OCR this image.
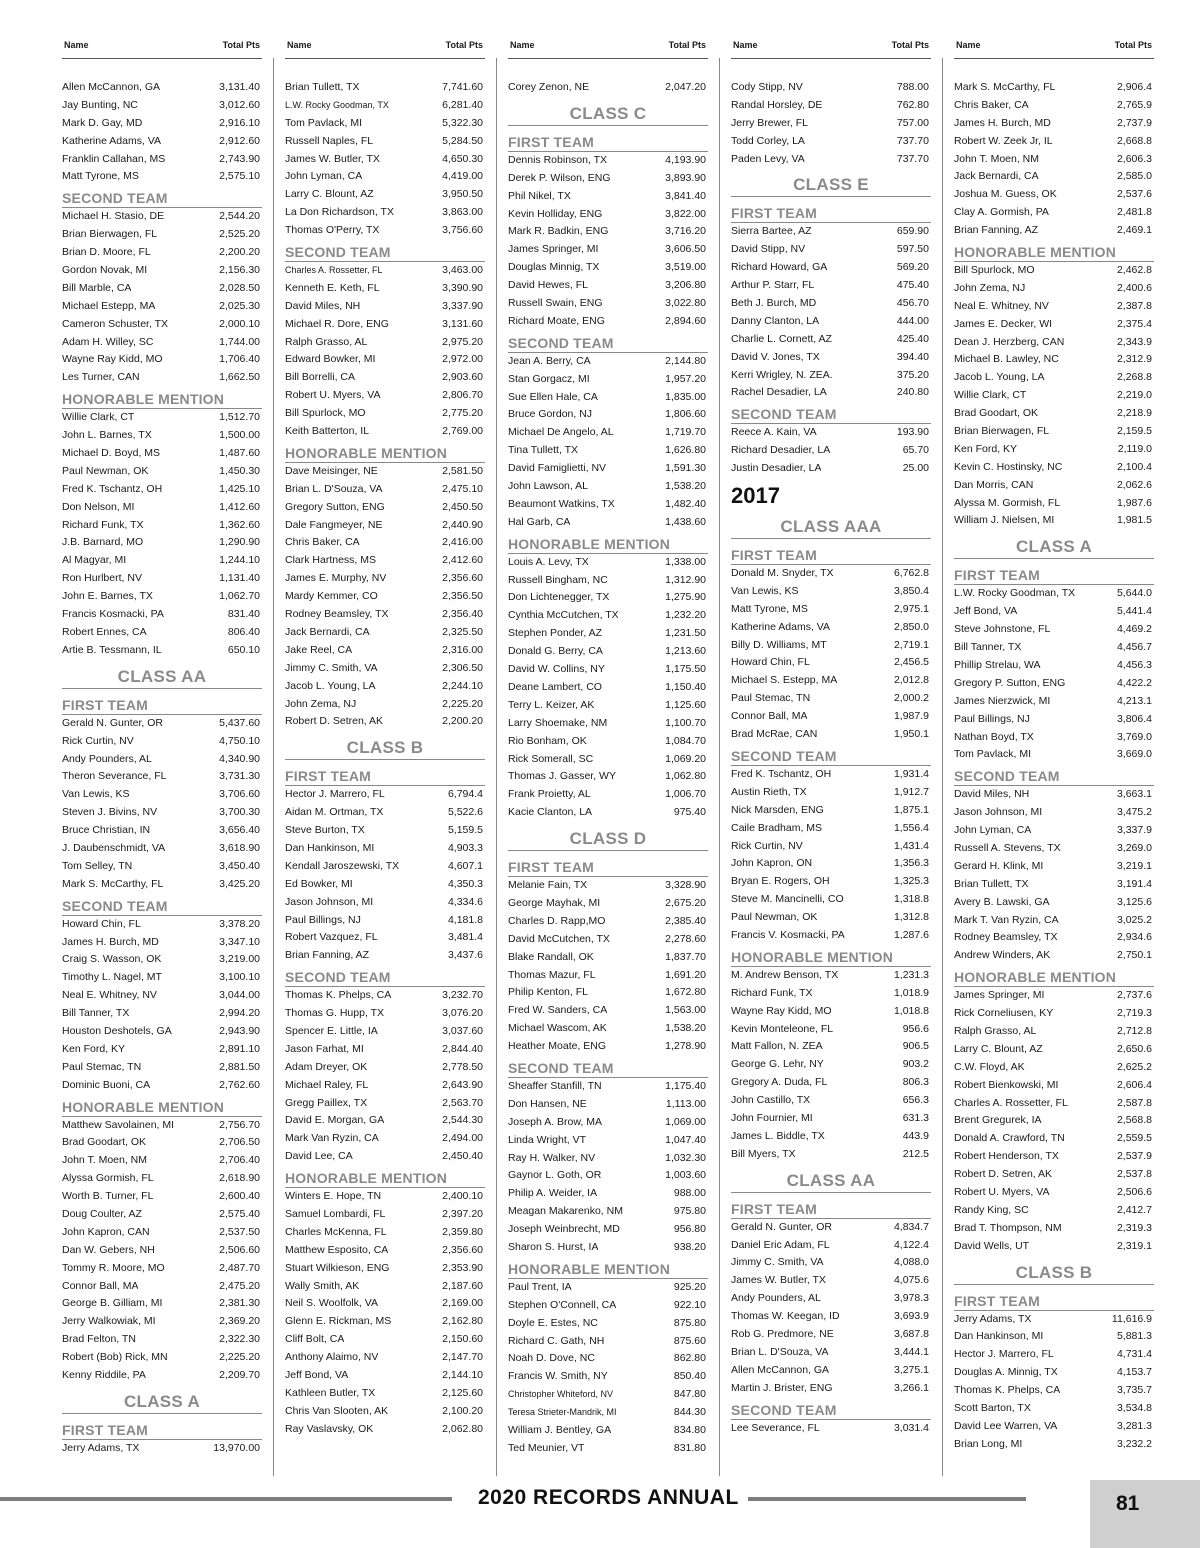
Name	Total Pts
Allen McCannon, GA	3,131.40
Jay Bunting, NC	3,012.60
Mark D. Gay, MD	2,916.10
Katherine Adams, VA	2,912.60
Franklin Callahan, MS	2,743.90
Matt Tyrone, MS	2,575.10
SECOND TEAM
Michael H. Stasio, DE	2,544.20
Brian Bierwagen, FL	2,525.20
Brian D. Moore, FL	2,200.20
Gordon Novak, MI	2,156.30
Bill Marble, CA	2,028.50
Michael Estepp, MA	2,025.30
Cameron Schuster, TX	2,000.10
Adam H. Willey, SC	1,744.00
Wayne Ray Kidd, MO	1,706.40
Les Turner, CAN	1,662.50
HONORABLE MENTION
Willie Clark, CT	1,512.70
John L. Barnes, TX	1,500.00
Michael D. Boyd, MS	1,487.60
Paul Newman, OK	1,450.30
Fred K. Tschantz, OH	1,425.10
Don Nelson, MI	1,412.60
Richard Funk, TX	1,362.60
J.B. Barnard, MO	1,290.90
Al Magyar, MI	1,244.10
Ron Hurlbert, NV	1,131.40
John E. Barnes, TX	1,062.70
Francis Kosmacki, PA	831.40
Robert Ennes, CA	806.40
Artie B. Tessmann, IL	650.10
CLASS AA
FIRST TEAM
Gerald N. Gunter, OR	5,437.60
Rick Curtin, NV	4,750.10
Andy Pounders, AL	4,340.90
Theron Severance, FL	3,731.30
Van Lewis, KS	3,706.60
Steven J. Bivins, NV	3,700.30
Bruce Christian, IN	3,656.40
J. Daubenschmidt, VA	3,618.90
Tom Selley, TN	3,450.40
Mark S. McCarthy, FL	3,425.20
SECOND TEAM
Howard Chin, FL	3,378.20
James H. Burch, MD	3,347.10
Craig S. Wasson, OK	3,219.00
Timothy L. Nagel, MT	3,100.10
Neal E. Whitney, NV	3,044.00
Bill Tanner, TX	2,994.20
Houston Deshotels, GA	2,943.90
Ken Ford, KY	2,891.10
Paul Stemac, TN	2,881.50
Dominic Buoni, CA	2,762.60
HONORABLE MENTION
Matthew Savolainen, MI	2,756.70
Brad Goodart, OK	2,706.50
John T. Moen, NM	2,706.40
Alyssa Gormish, FL	2,618.90
Worth B. Turner, FL	2,600.40
Doug Coulter, AZ	2,575.40
John Kapron, CAN	2,537.50
Dan W. Gebers, NH	2,506.60
Tommy R. Moore, MO	2,487.70
Connor Ball, MA	2,475.20
George B. Gilliam, MI	2,381.30
Jerry Walkowiak, MI	2,369.20
Brad Felton, TN	2,322.30
Robert (Bob) Rick, MN	2,225.20
Kenny Riddile, PA	2,209.70
CLASS A
FIRST TEAM
Jerry Adams, TX	13,970.00
Name	Total Pts
Brian Tullett, TX	7,741.60
L.W. Rocky Goodman, TX	6,281.40
Tom Pavlack, MI	5,322.30
Russell Naples, FL	5,284.50
James W. Butler, TX	4,650.30
John Lyman, CA	4,419.00
Larry C. Blount, AZ	3,950.50
La Don Richardson, TX	3,863.00
Thomas O'Perry, TX	3,756.60
SECOND TEAM
Charles A. Rossetter, FL	3,463.00
Kenneth E. Keth, FL	3,390.90
David Miles, NH	3,337.90
Michael R. Dore, ENG	3,131.60
Ralph Grasso, AL	2,975.20
Edward Bowker, MI	2,972.00
Bill Borrelli, CA	2,903.60
Robert U. Myers, VA	2,806.70
Bill Spurlock, MO	2,775.20
Keith Batterton, IL	2,769.00
HONORABLE MENTION
Dave Meisinger, NE	2,581.50
Brian L. D'Souza, VA	2,475.10
Gregory Sutton, ENG	2,450.50
Dale Fangmeyer, NE	2,440.90
Chris Baker, CA	2,416.00
Clark Hartness, MS	2,412.60
James E. Murphy, NV	2,356.60
Mardy Kemmer, CO	2,356.50
Rodney Beamsley, TX	2,356.40
Jack Bernardi, CA	2,325.50
Jake Reel, CA	2,316.00
Jimmy C. Smith, VA	2,306.50
Jacob L. Young, LA	2,244.10
John Zema, NJ	2,225.20
Robert D. Setren, AK	2,200.20
CLASS B
FIRST TEAM
Hector J. Marrero, FL	6,794.4
Aidan M. Ortman, TX	5,522.6
Steve Burton, TX	5,159.5
Dan Hankinson, MI	4,903.3
Kendall Jaroszewski, TX	4,607.1
Ed Bowker, MI	4,350.3
Jason Johnson, MI	4,334.6
Paul Billings, NJ	4,181.8
Robert Vazquez, FL	3,481.4
Brian Fanning, AZ	3,437.6
SECOND TEAM
Thomas K. Phelps, CA	3,232.70
Thomas G. Hupp, TX	3,076.20
Spencer E. Little, IA	3,037.60
Jason Farhat, MI	2,844.40
Adam Dreyer, OK	2,778.50
Michael Raley, FL	2,643.90
Gregg Paillex, TX	2,563.70
David E. Morgan, GA	2,544.30
Mark Van Ryzin, CA	2,494.00
David Lee, CA	2,450.40
HONORABLE MENTION
Winters E. Hope, TN	2,400.10
Samuel Lombardi, FL	2,397.20
Charles McKenna, FL	2,359.80
Matthew Esposito, CA	2,356.60
Stuart Wilkieson, ENG	2,353.90
Wally Smith, AK	2,187.60
Neil S. Woolfolk, VA	2,169.00
Glenn E. Rickman, MS	2,162.80
Cliff Bolt, CA	2,150.60
Anthony Alaimo, NV	2,147.70
Jeff Bond, VA	2,144.10
Kathleen Butler, TX	2,125.60
Chris Van Slooten, AK	2,100.20
Ray Vaslavsky, OK	2,062.80
Name	Total Pts
Corey Zenon, NE	2,047.20
CLASS C
FIRST TEAM
Dennis Robinson, TX	4,193.90
Derek P. Wilson, ENG	3,893.90
Phil Nikel, TX	3,841.40
Kevin Holliday, ENG	3,822.00
Mark R. Badkin, ENG	3,716.20
James Springer, MI	3,606.50
Douglas Minnig, TX	3,519.00
David Hewes, FL	3,206.80
Russell Swain, ENG	3,022.80
Richard Moate, ENG	2,894.60
SECOND TEAM
Jean A. Berry, CA	2,144.80
Stan Gorgacz, MI	1,957.20
Sue Ellen Hale, CA	1,835.00
Bruce Gordon, NJ	1,806.60
Michael De Angelo, AL	1,719.70
Tina Tullett, TX	1,626.80
David Famiglietti, NV	1,591.30
John Lawson, AL	1,538.20
Beaumont Watkins, TX	1,482.40
Hal Garb, CA	1,438.60
HONORABLE MENTION
Louis A. Levy, TX	1,338.00
Russell Bingham, NC	1,312.90
Don Lichtenegger, TX	1,275.90
Cynthia McCutchen, TX	1,232.20
Stephen Ponder, AZ	1,231.50
Donald G. Berry, CA	1,213.60
David W. Collins, NY	1,175.50
Deane Lambert, CO	1,150.40
Terry L. Keizer, AK	1,125.60
Larry Shoemake, NM	1,100.70
Rio Bonham, OK	1,084.70
Rick Somerall, SC	1,069.20
Thomas J. Gasser, WY	1,062.80
Frank Proietty, AL	1,006.70
Kacie Clanton, LA	975.40
CLASS D
FIRST TEAM
Melanie Fain, TX	3,328.90
George Mayhak, MI	2,675.20
Charles D. Rapp,MO	2,385.40
David McCutchen, TX	2,278.60
Blake Randall, OK	1,837.70
Thomas Mazur, FL	1,691.20
Philip Kenton, FL	1,672.80
Fred W. Sanders, CA	1,563.00
Michael Wascom, AK	1,538.20
Heather Moate, ENG	1,278.90
SECOND TEAM
Sheaffer Stanfill, TN	1,175.40
Don Hansen, NE	1,113.00
Joseph A. Brow, MA	1,069.00
Linda Wright, VT	1,047.40
Ray H. Walker, NV	1,032.30
Gaynor L. Goth, OR	1,003.60
Philip A. Weider, IA	988.00
Meagan Makarenko, NM	975.80
Joseph Weinbrecht, MD	956.80
Sharon S. Hurst, IA	938.20
HONORABLE MENTION
Paul Trent, IA	925.20
Stephen O'Connell, CA	922.10
Doyle E. Estes, NC	875.80
Richard C. Gath, NH	875.60
Noah D. Dove, NC	862.80
Francis W. Smith, NY	850.40
Christopher Whiteford, NV	847.80
Teresa Strieter-Mandrik, MI	844.30
William J. Bentley, GA	834.80
Ted Meunier, VT	831.80
Name	Total Pts
Cody Stipp, NV	788.00
Randal Horsley, DE	762.80
Jerry Brewer, FL	757.00
Todd Corley, LA	737.70
Paden Levy, VA	737.70
CLASS E
FIRST TEAM
Sierra Bartee, AZ	659.90
David Stipp, NV	597.50
Richard Howard, GA	569.20
Arthur P. Starr, FL	475.40
Beth J. Burch, MD	456.70
Danny Clanton, LA	444.00
Charlie L. Cornett, AZ	425.40
David V. Jones, TX	394.40
Kerri Wrigley, N. ZEA.	375.20
Rachel Desadier, LA	240.80
SECOND TEAM
Reece A. Kain, VA	193.90
Richard Desadier, LA	65.70
Justin Desadier, LA	25.00
2017
CLASS AAA
FIRST TEAM
Donald M. Snyder, TX	6,762.8
Van Lewis, KS	3,850.4
Matt Tyrone, MS	2,975.1
Katherine Adams, VA	2,850.0
Billy D. Williams, MT	2,719.1
Howard Chin, FL	2,456.5
Michael S. Estepp, MA	2,012.8
Paul Stemac, TN	2,000.2
Connor Ball, MA	1,987.9
Brad McRae, CAN	1,950.1
SECOND TEAM
Fred K. Tschantz, OH	1,931.4
Austin Rieth, TX	1,912.7
Nick Marsden, ENG	1,875.1
Caile Bradham, MS	1,556.4
Rick Curtin, NV	1,431.4
John Kapron, ON	1,356.3
Bryan E. Rogers, OH	1,325.3
Steve M. Mancinelli, CO	1,318.8
Paul Newman, OK	1,312.8
Francis V. Kosmacki, PA	1,287.6
HONORABLE MENTION
M. Andrew Benson, TX	1,231.3
Richard Funk, TX	1,018.9
Wayne Ray Kidd, MO	1,018.8
Kevin Monteleone, FL	956.6
Matt Fallon, N. ZEA	906.5
George G. Lehr, NY	903.2
Gregory A. Duda, FL	806.3
John Castillo, TX	656.3
John Fournier, MI	631.3
James L. Biddle, TX	443.9
Bill Myers, TX	212.5
CLASS AA
FIRST TEAM
Gerald N. Gunter, OR	4,834.7
Daniel Eric Adam, FL	4,122.4
Jimmy C. Smith, VA	4,088.0
James W. Butler, TX	4,075.6
Andy Pounders, AL	3,978.3
Thomas W. Keegan, ID	3,693.9
Rob G. Predmore, NE	3,687.8
Brian L. D'Souza, VA	3,444.1
Allen McCannon, GA	3,275.1
Martin J. Brister, ENG	3,266.1
SECOND TEAM
Lee Severance, FL	3,031.4
Name	Total Pts
Mark S. McCarthy, FL	2,906.4
Chris Baker, CA	2,765.9
James H. Burch, MD	2,737.9
Robert W. Zeek Jr, IL	2,668.8
John T. Moen, NM	2,606.3
Jack Bernardi, CA	2,585.0
Joshua M. Guess, OK	2,537.6
Clay A. Gormish, PA	2,481.8
Brian Fanning, AZ	2,469.1
HONORABLE MENTION
Bill Spurlock, MO	2,462.8
John Zema, NJ	2,400.6
Neal E. Whitney, NV	2,387.8
James E. Decker, WI	2,375.4
Dean J. Herzberg, CAN	2,343.9
Michael B. Lawley, NC	2,312.9
Jacob L. Young, LA	2,268.8
Willie Clark, CT	2,219.0
Brad Goodart, OK	2,218.9
Brian Bierwagen, FL	2,159.5
Ken Ford, KY	2,119.0
Kevin C. Hostinsky, NC	2,100.4
Dan Morris, CAN	2,062.6
Alyssa M. Gormish, FL	1,987.6
William J. Nielsen, MI	1,981.5
CLASS A
FIRST TEAM
L.W. Rocky Goodman, TX	5,644.0
Jeff Bond, VA	5,441.4
Steve Johnstone, FL	4,469.2
Bill Tanner, TX	4,456.7
Phillip Strelau, WA	4,456.3
Gregory P. Sutton, ENG	4,422.2
James Nierzwick, MI	4,213.1
Paul Billings, NJ	3,806.4
Nathan Boyd, TX	3,769.0
Tom Pavlack, MI	3,669.0
SECOND TEAM
David Miles, NH	3,663.1
Jason Johnson, MI	3,475.2
John Lyman, CA	3,337.9
Russell A. Stevens, TX	3,269.0
Gerard H. Klink, MI	3,219.1
Brian Tullett, TX	3,191.4
Avery B. Lawski, GA	3,125.6
Mark T. Van Ryzin, CA	3,025.2
Rodney Beamsley, TX	2,934.6
Andrew Winders, AK	2,750.1
HONORABLE MENTION
James Springer, MI	2,737.6
Rick Corneliusen, KY	2,719.3
Ralph Grasso, AL	2,712.8
Larry C. Blount, AZ	2,650.6
C.W. Floyd, AK	2,625.2
Robert Bienkowski, MI	2,606.4
Charles A. Rossetter, FL	2,587.8
Brent Gregurek, IA	2,568.8
Donald A. Crawford, TN	2,559.5
Robert Henderson, TX	2,537.9
Robert D. Setren, AK	2,537.8
Robert U. Myers, VA	2,506.6
Randy King, SC	2,412.7
Brad T. Thompson, NM	2,319.3
David Wells, UT	2,319.1
CLASS B
FIRST TEAM
Jerry Adams, TX	11,616.9
Dan Hankinson, MI	5,881.3
Hector J. Marrero, FL	4,731.4
Douglas A. Minnig, TX	4,153.7
Thomas K. Phelps, CA	3,735.7
Scott Barton, TX	3,534.8
David Lee Warren, VA	3,281.3
Brian Long, MI	3,232.2
2020 RECORDS ANNUAL	81
